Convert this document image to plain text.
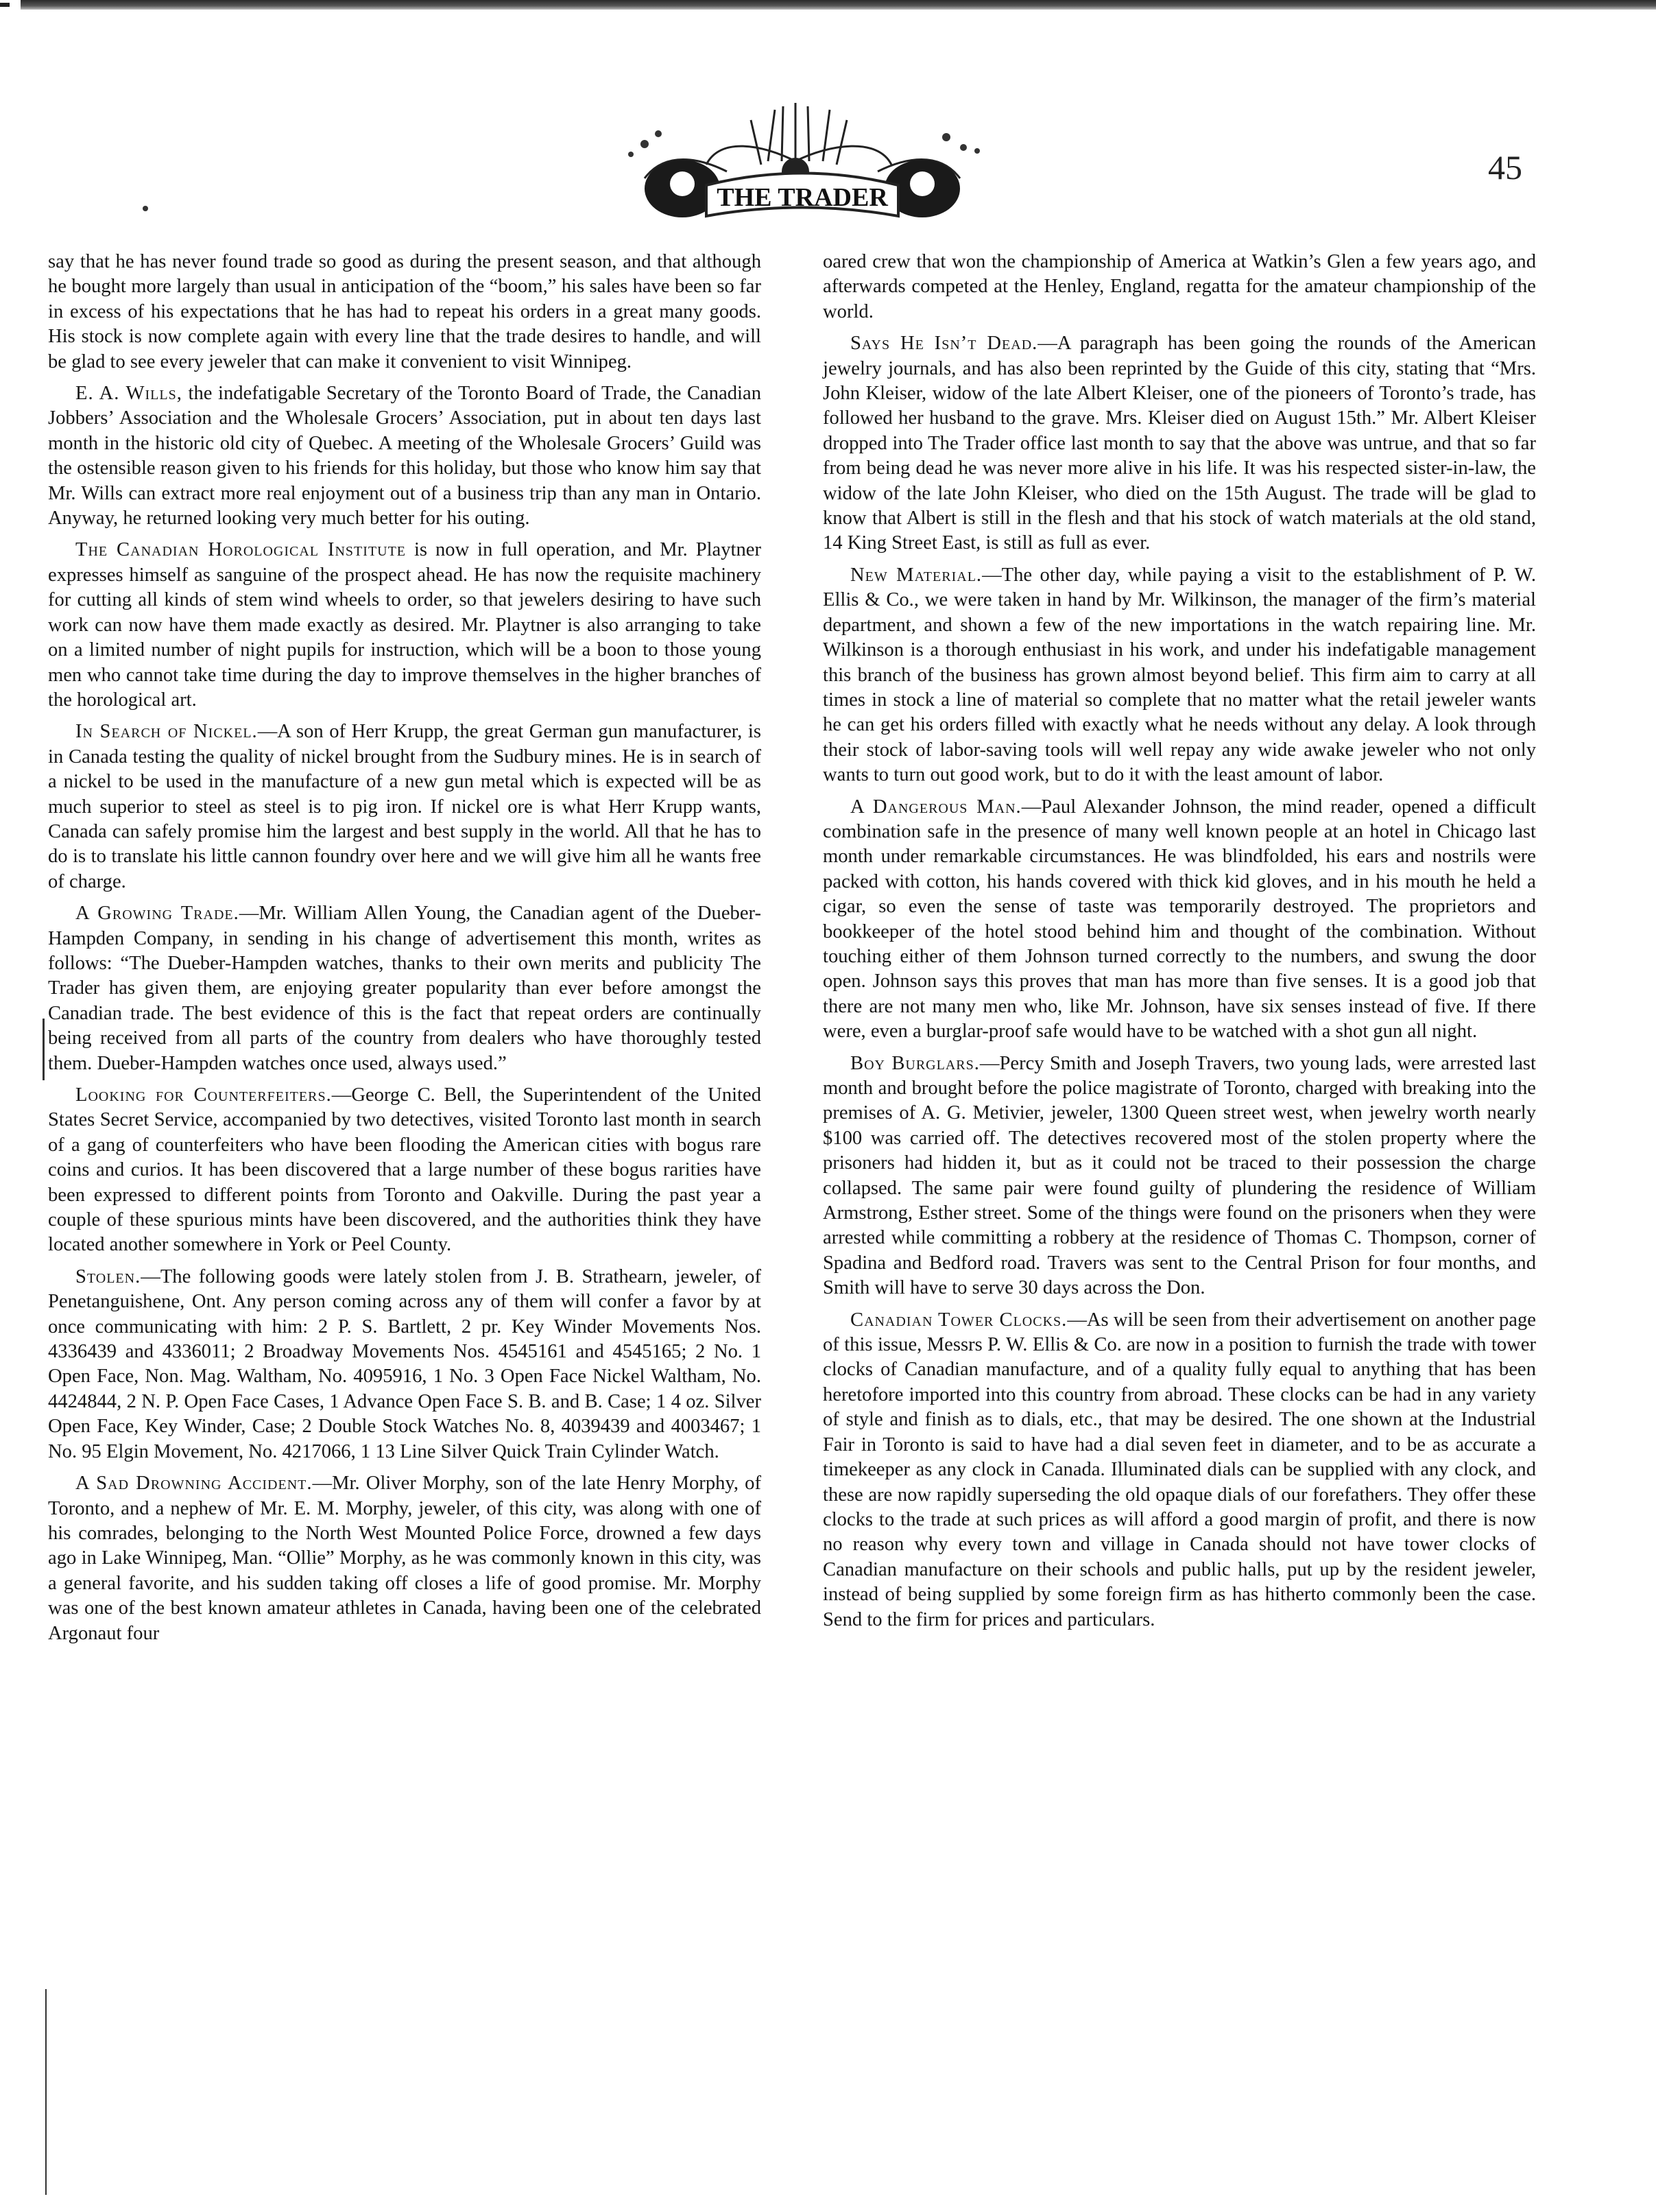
THE TRADER
45

say that he has never found trade so good as during the present season, and that although he bought more largely than usual in anticipation of the “boom,” his sales have been so far in excess of his expectations that he has had to repeat his orders in a great many goods. His stock is now complete again with every line that the trade desires to handle, and will be glad to see every jeweler that can make it convenient to visit Winnipeg.

E. A. Wills, the indefatigable Secretary of the Toronto Board of Trade, the Canadian Jobbers’ Association and the Wholesale Grocers’ Association, put in about ten days last month in the historic old city of Quebec. A meeting of the Wholesale Grocers’ Guild was the ostensible reason given to his friends for this holiday, but those who know him say that Mr. Wills can extract more real enjoyment out of a business trip than any man in Ontario. Anyway, he returned looking very much better for his outing.

The Canadian Horological Institute is now in full operation, and Mr. Playtner expresses himself as sanguine of the prospect ahead. He has now the requisite machinery for cutting all kinds of stem wind wheels to order, so that jewelers desiring to have such work can now have them made exactly as desired. Mr. Playtner is also arranging to take on a limited number of night pupils for instruction, which will be a boon to those young men who cannot take time during the day to improve themselves in the higher branches of the horological art.

In Search of Nickel.—A son of Herr Krupp, the great German gun manufacturer, is in Canada testing the quality of nickel brought from the Sudbury mines. He is in search of a nickel to be used in the manufacture of a new gun metal which is expected will be as much superior to steel as steel is to pig iron. If nickel ore is what Herr Krupp wants, Canada can safely promise him the largest and best supply in the world. All that he has to do is to translate his little cannon foundry over here and we will give him all he wants free of charge.

A Growing Trade.—Mr. William Allen Young, the Canadian agent of the Dueber-Hampden Company, in sending in his change of advertisement this month, writes as follows: “The Dueber-Hampden watches, thanks to their own merits and publicity The Trader has given them, are enjoying greater popularity than ever before amongst the Canadian trade. The best evidence of this is the fact that repeat orders are continually being received from all parts of the country from dealers who have thoroughly tested them. Dueber-Hampden watches once used, always used.”

Looking for Counterfeiters.—George C. Bell, the Superintendent of the United States Secret Service, accompanied by two detectives, visited Toronto last month in search of a gang of counterfeiters who have been flooding the American cities with bogus rare coins and curios. It has been discovered that a large number of these bogus rarities have been expressed to different points from Toronto and Oakville. During the past year a couple of these spurious mints have been discovered, and the authorities think they have located another somewhere in York or Peel County.

Stolen.—The following goods were lately stolen from J. B. Strathearn, jeweler, of Penetanguishene, Ont. Any person coming across any of them will confer a favor by at once communicating with him: 2 P. S. Bartlett, 2 pr. Key Winder Movements Nos. 4336439 and 4336011; 2 Broadway Movements Nos. 4545161 and 4545165; 2 No. 1 Open Face, Non. Mag. Waltham, No. 4095916, 1 No. 3 Open Face Nickel Waltham, No. 4424844, 2 N. P. Open Face Cases, 1 Advance Open Face S. B. and B. Case; 1 4 oz. Silver Open Face, Key Winder, Case; 2 Double Stock Watches No. 8, 4039439 and 4003467; 1 No. 95 Elgin Movement, No. 4217066, 1 13 Line Silver Quick Train Cylinder Watch.

A Sad Drowning Accident.—Mr. Oliver Morphy, son of the late Henry Morphy, of Toronto, and a nephew of Mr. E. M. Morphy, jeweler, of this city, was along with one of his comrades, belonging to the North West Mounted Police Force, drowned a few days ago in Lake Winnipeg, Man. “Ollie” Morphy, as he was commonly known in this city, was a general favorite, and his sudden taking off closes a life of good promise. Mr. Morphy was one of the best known amateur athletes in Canada, having been one of the celebrated Argonaut four

oared crew that won the championship of America at Watkin’s Glen a few years ago, and afterwards competed at the Henley, England, regatta for the amateur championship of the world.

Says He Isn’t Dead.—A paragraph has been going the rounds of the American jewelry journals, and has also been reprinted by the Guide of this city, stating that “Mrs. John Kleiser, widow of the late Albert Kleiser, one of the pioneers of Toronto’s trade, has followed her husband to the grave. Mrs. Kleiser died on August 15th.” Mr. Albert Kleiser dropped into The Trader office last month to say that the above was untrue, and that so far from being dead he was never more alive in his life. It was his respected sister-in-law, the widow of the late John Kleiser, who died on the 15th August. The trade will be glad to know that Albert is still in the flesh and that his stock of watch materials at the old stand, 14 King Street East, is still as full as ever.

New Material.—The other day, while paying a visit to the establishment of P. W. Ellis & Co., we were taken in hand by Mr. Wilkinson, the manager of the firm’s material department, and shown a few of the new importations in the watch repairing line. Mr. Wilkinson is a thorough enthusiast in his work, and under his indefatigable management this branch of the business has grown almost beyond belief. This firm aim to carry at all times in stock a line of material so complete that no matter what the retail jeweler wants he can get his orders filled with exactly what he needs without any delay. A look through their stock of labor-saving tools will well repay any wide awake jeweler who not only wants to turn out good work, but to do it with the least amount of labor.

A Dangerous Man.—Paul Alexander Johnson, the mind reader, opened a difficult combination safe in the presence of many well known people at an hotel in Chicago last month under remarkable circumstances. He was blindfolded, his ears and nostrils were packed with cotton, his hands covered with thick kid gloves, and in his mouth he held a cigar, so even the sense of taste was temporarily destroyed. The proprietors and bookkeeper of the hotel stood behind him and thought of the combination. Without touching either of them Johnson turned correctly to the numbers, and swung the door open. Johnson says this proves that man has more than five senses. It is a good job that there are not many men who, like Mr. Johnson, have six senses instead of five. If there were, even a burglar-proof safe would have to be watched with a shot gun all night.

Boy Burglars.—Percy Smith and Joseph Travers, two young lads, were arrested last month and brought before the police magistrate of Toronto, charged with breaking into the premises of A. G. Metivier, jeweler, 1300 Queen street west, when jewelry worth nearly $100 was carried off. The detectives recovered most of the stolen property where the prisoners had hidden it, but as it could not be traced to their possession the charge collapsed. The same pair were found guilty of plundering the residence of William Armstrong, Esther street. Some of the things were found on the prisoners when they were arrested while committing a robbery at the residence of Thomas C. Thompson, corner of Spadina and Bedford road. Travers was sent to the Central Prison for four months, and Smith will have to serve 30 days across the Don.

Canadian Tower Clocks.—As will be seen from their advertisement on another page of this issue, Messrs P. W. Ellis & Co. are now in a position to furnish the trade with tower clocks of Canadian manufacture, and of a quality fully equal to anything that has been heretofore imported into this country from abroad. These clocks can be had in any variety of style and finish as to dials, etc., that may be desired. The one shown at the Industrial Fair in Toronto is said to have had a dial seven feet in diameter, and to be as accurate a timekeeper as any clock in Canada. Illuminated dials can be supplied with any clock, and these are now rapidly superseding the old opaque dials of our forefathers. They offer these clocks to the trade at such prices as will afford a good margin of profit, and there is now no reason why every town and village in Canada should not have tower clocks of Canadian manufacture on their schools and public halls, put up by the resident jeweler, instead of being supplied by some foreign firm as has hitherto commonly been the case. Send to the firm for prices and particulars.
